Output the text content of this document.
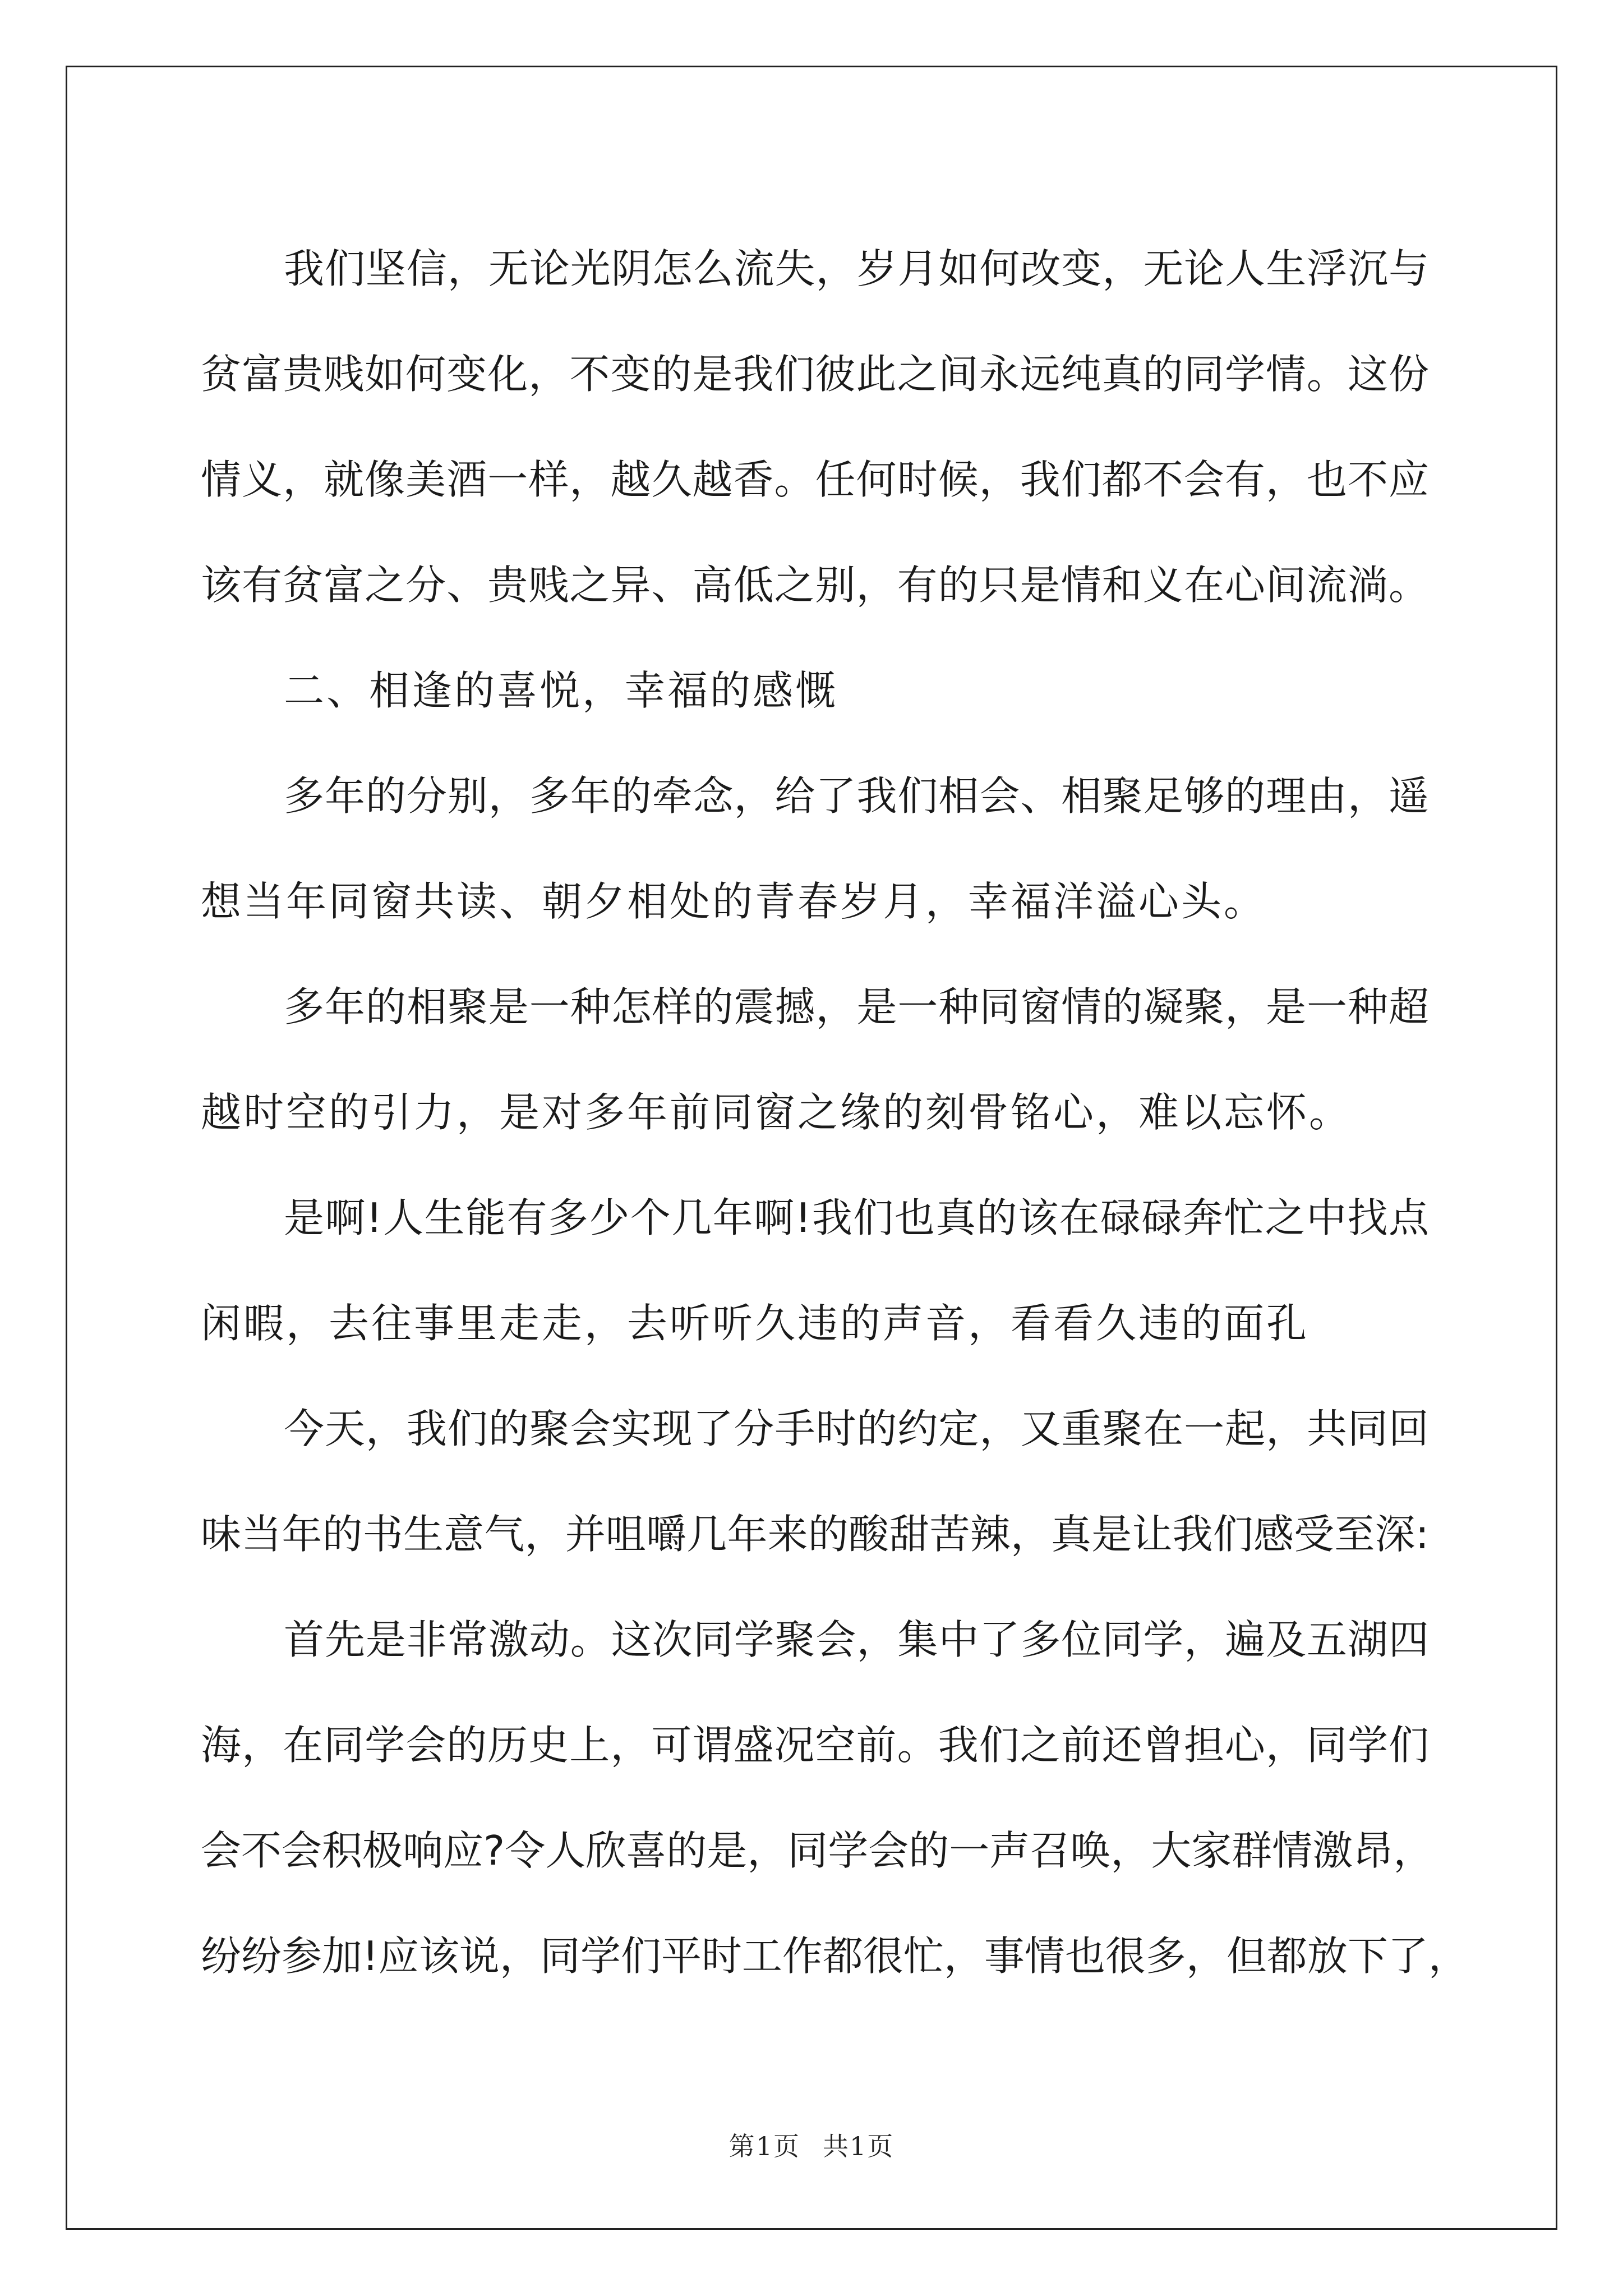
我们坚信，无论光阴怎么流失，岁月如何改变，无论人生浮沉与
贫富贵贱如何变化，不变的是我们彼此之间永远纯真的同学情。这份
情义，就像美酒一样，越久越香。任何时候，我们都不会有，也不应
该有贫富之分、贵贱之异、高低之别，有的只是情和义在心间流淌。
二、相逢的喜悦，幸福的感慨
多年的分别，多年的牵念，给了我们相会、相聚足够的理由，遥
想当年同窗共读、朝夕相处的青春岁月，幸福洋溢心头。
多年的相聚是一种怎样的震撼，是一种同窗情的凝聚，是一种超
越时空的引力，是对多年前同窗之缘的刻骨铭心，难以忘怀。
是啊!人生能有多少个几年啊!我们也真的该在碌碌奔忙之中找点
闲暇，去往事里走走，去听听久违的声音，看看久违的面孔
今天，我们的聚会实现了分手时的约定，又重聚在一起，共同回
味当年的书生意气，并咀嚼几年来的酸甜苦辣，真是让我们感受至深:
首先是非常激动。这次同学聚会，集中了多位同学，遍及五湖四
海，在同学会的历史上，可谓盛况空前。我们之前还曾担心，同学们
会不会积极响应?令人欣喜的是，同学会的一声召唤，大家群情激昂，
纷纷参加!应该说，同学们平时工作都很忙，事情也很多，但都放下了，
第1页 共1页
